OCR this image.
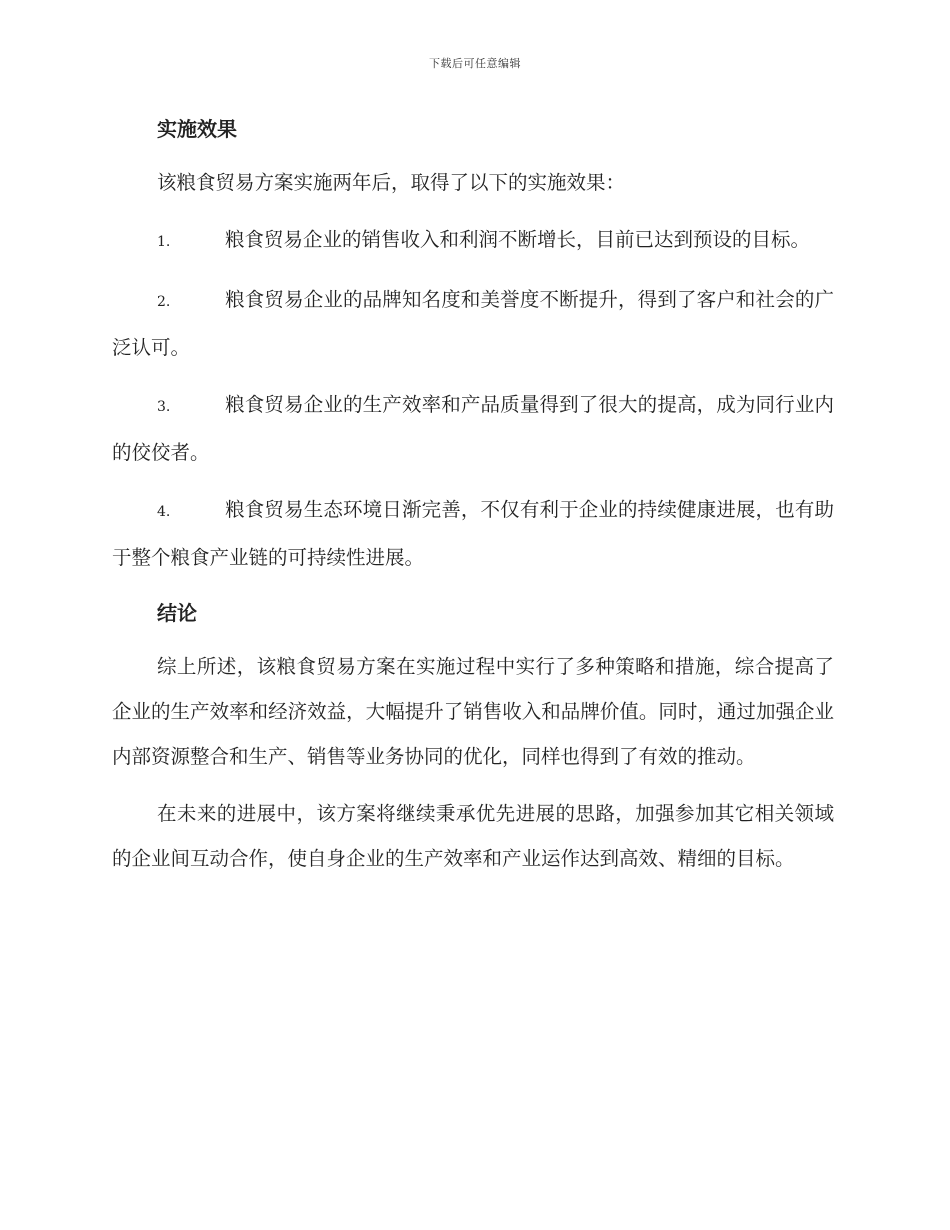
下载后可任意编辑
实施效果

该粮食贸易方案实施两年后，取得了以下的实施效果：

1.	粮食贸易企业的销售收入和利润不断增长，目前已达到预设的目标。

2.	粮食贸易企业的品牌知名度和美誉度不断提升，得到了客户和社会的广泛认可。

3.	粮食贸易企业的生产效率和产品质量得到了很大的提高，成为同行业内的佼佼者。

4.	粮食贸易生态环境日渐完善，不仅有利于企业的持续健康进展，也有助于整个粮食产业链的可持续性进展。

结论

综上所述，该粮食贸易方案在实施过程中实行了多种策略和措施，综合提高了企业的生产效率和经济效益，大幅提升了销售收入和品牌价值。同时，通过加强企业内部资源整合和生产、销售等业务协同的优化，同样也得到了有效的推动。

在未来的进展中，该方案将继续秉承优先进展的思路，加强参加其它相关领域的企业间互动合作，使自身企业的生产效率和产业运作达到高效、精细的目标。
